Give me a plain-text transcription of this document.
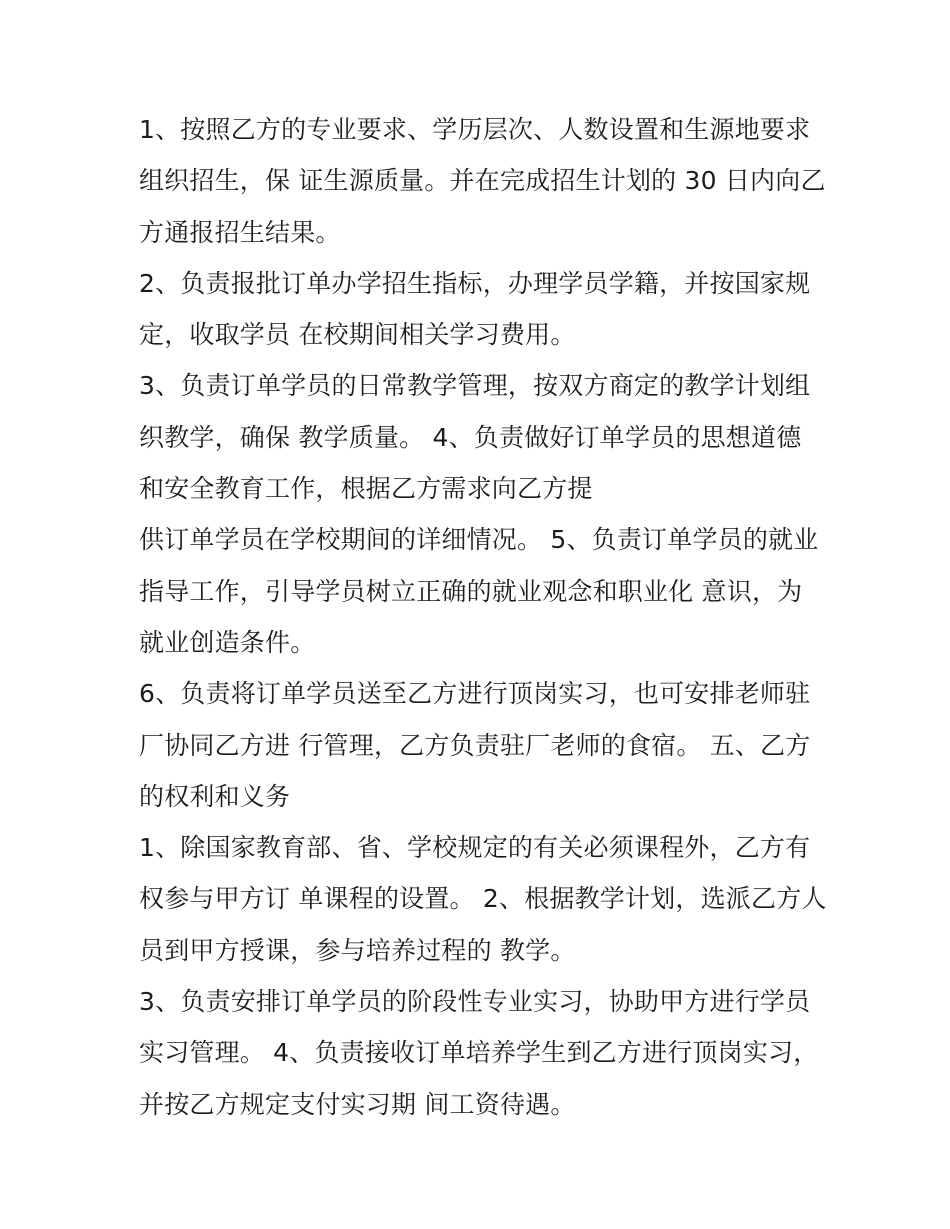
1、按照乙方的专业要求、学历层次、人数设置和生源地要求
组织招生，保 证生源质量。并在完成招生计划的 30 日内向乙
方通报招生结果。
2、负责报批订单办学招生指标，办理学员学籍，并按国家规
定，收取学员 在校期间相关学习费用。
3、负责订单学员的日常教学管理，按双方商定的教学计划组
织教学，确保 教学质量。 4、负责做好订单学员的思想道德
和安全教育工作，根据乙方需求向乙方提
供订单学员在学校期间的详细情况。 5、负责订单学员的就业
指导工作，引导学员树立正确的就业观念和职业化 意识，为
就业创造条件。
6、负责将订单学员送至乙方进行顶岗实习，也可安排老师驻
厂协同乙方进 行管理，乙方负责驻厂老师的食宿。 五、乙方
的权利和义务
1、除国家教育部、省、学校规定的有关必须课程外，乙方有
权参与甲方订 单课程的设置。 2、根据教学计划，选派乙方人
员到甲方授课，参与培养过程的 教学。
3、负责安排订单学员的阶段性专业实习，协助甲方进行学员
实习管理。 4、负责接收订单培养学生到乙方进行顶岗实习，
并按乙方规定支付实习期 间工资待遇。
